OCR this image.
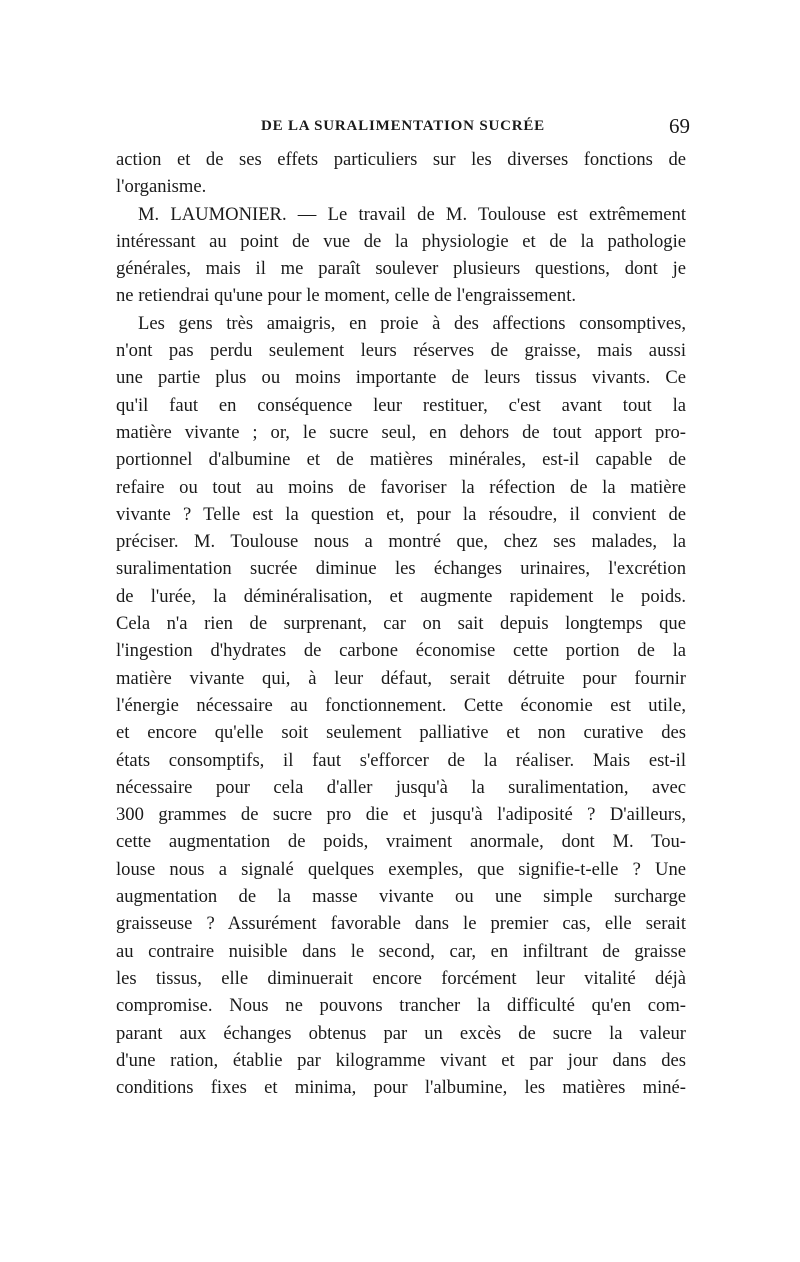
DE LA SURALIMENTATION SUCRÉE	69
action et de ses effets particuliers sur les diverses fonctions de
l'organisme.
M. LAUMONIER. — Le travail de M. Toulouse est extrêmement
intéressant au point de vue de la physiologie et de la pathologie
générales, mais il me paraît soulever plusieurs questions, dont je
ne retiendrai qu'une pour le moment, celle de l'engraissement.
Les gens très amaigris, en proie à des affections consomptives,
n'ont pas perdu seulement leurs réserves de graisse, mais aussi
une partie plus ou moins importante de leurs tissus vivants. Ce
qu'il faut en conséquence leur restituer, c'est avant tout la
matière vivante ; or, le sucre seul, en dehors de tout apport pro-
portionnel d'albumine et de matières minérales, est-il capable de
refaire ou tout au moins de favoriser la réfection de la matière
vivante ? Telle est la question et, pour la résoudre, il convient de
préciser. M. Toulouse nous a montré que, chez ses malades, la
suralimentation sucrée diminue les échanges urinaires, l'excrétion
de l'urée, la déminéralisation, et augmente rapidement le poids.
Cela n'a rien de surprenant, car on sait depuis longtemps que
l'ingestion d'hydrates de carbone économise cette portion de la
matière vivante qui, à leur défaut, serait détruite pour fournir
l'énergie nécessaire au fonctionnement. Cette économie est utile,
et encore qu'elle soit seulement palliative et non curative des
états consomptifs, il faut s'efforcer de la réaliser. Mais est-il
nécessaire pour cela d'aller jusqu'à la suralimentation, avec
300 grammes de sucre pro die et jusqu'à l'adiposité ? D'ailleurs,
cette augmentation de poids, vraiment anormale, dont M. Tou-
louse nous a signalé quelques exemples, que signifie-t-elle ? Une
augmentation de la masse vivante ou une simple surcharge
graisseuse ? Assurément favorable dans le premier cas, elle serait
au contraire nuisible dans le second, car, en infiltrant de graisse
les tissus, elle diminuerait encore forcément leur vitalité déjà
compromise. Nous ne pouvons trancher la difficulté qu'en com-
parant aux échanges obtenus par un excès de sucre la valeur
d'une ration, établie par kilogramme vivant et par jour dans des
conditions fixes et minima, pour l'albumine, les matières miné-
